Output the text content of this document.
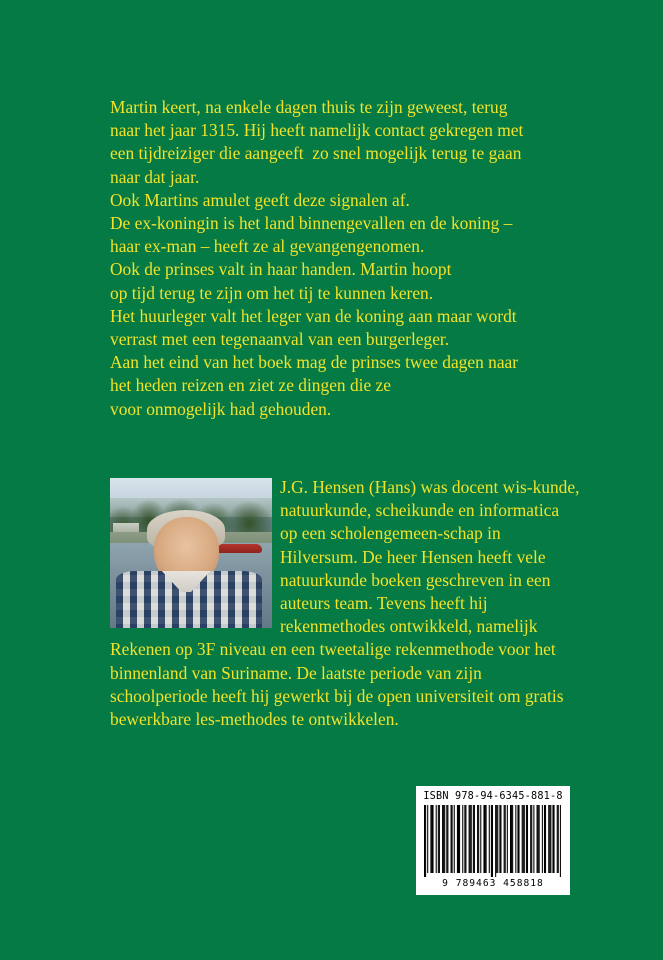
Martin keert, na enkele dagen thuis te zijn geweest, terug
naar het jaar 1315. Hij heeft namelijk contact gekregen met
een tijdreiziger die aangeeft  zo snel mogelijk terug te gaan
naar dat jaar.
Ook Martins amulet geeft deze signalen af.
De ex-koningin is het land binnengevallen en de koning –
haar ex-man – heeft ze al gevangengenomen.
Ook de prinses valt in haar handen. Martin hoopt
op tijd terug te zijn om het tij te kunnen keren.
Het huurleger valt het leger van de koning aan maar wordt
verrast met een tegenaanval van een burgerleger.
Aan het eind van het boek mag de prinses twee dagen naar
het heden reizen en ziet ze dingen die ze
voor onmogelijk had gehouden.
J.G. Hensen (Hans) was docent wis-kunde, natuurkunde, scheikunde en informatica op een scholengemeen-schap in Hilversum. De heer Hensen heeft vele natuurkunde boeken geschreven in een auteurs team. Tevens heeft hij rekenmethodes ontwikkeld, namelijk Rekenen op 3F niveau en een tweetalige rekenmethode voor het binnenland van Suriname. De laatste periode van zijn schoolperiode heeft hij gewerkt bij de open universiteit om gratis bewerkbare les-methodes te ontwikkelen.
ISBN 978-94-6345-881-8
9 789463 458818
